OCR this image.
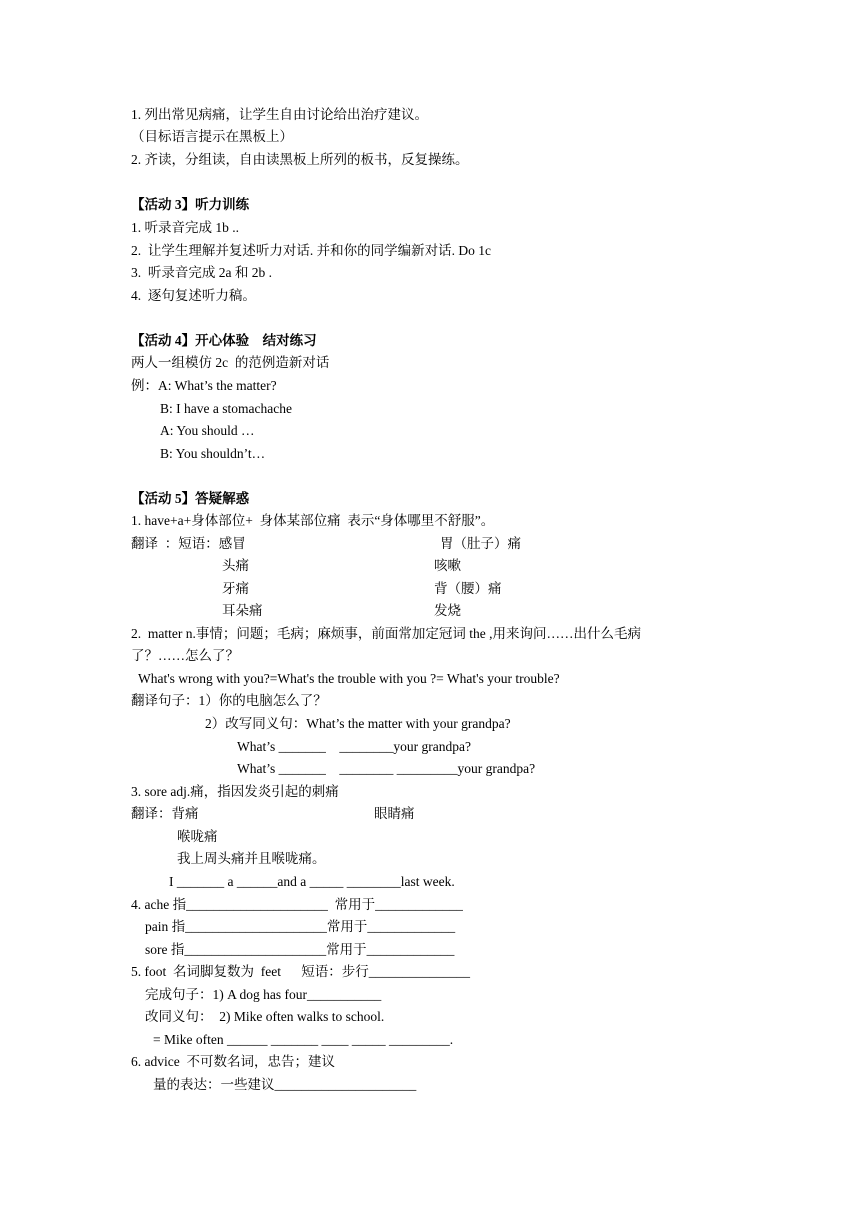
1. 列出常见病痛，让学生自由讨论给出治疗建议。
（目标语言提示在黑板上）
2. 齐读，分组读，自由读黑板上所列的板书，反复操练。
【活动 3】听力训练
1. 听录音完成 1b ..
2.  让学生理解并复述听力对话. 并和你的同学编新对话. Do 1c
3.  听录音完成 2a 和 2b .
4.  逐句复述听力稿。
【活动 4】开心体验    结对练习
两人一组模仿 2c  的范例造新对话
例：A: What’s the matter?
B: I have a stomachache
A: You should …
B: You shouldn’t…
【活动 5】答疑解惑
1. have+a+身体部位+  身体某部位痛  表示“身体哪里不舒服”。
翻译  ：短语：感冒	胃（肚子）痛
头痛	咳嗽
牙痛	背（腰）痛
耳朵痛	发烧
2.  matter n.事情；问题；毛病；麻烦事，前面常加定冠词 the ,用来询问……出什么毛病
了？……怎么了？
What's wrong with you?=What's the trouble with you ?= What's your trouble?
翻译句子：1）你的电脑怎么了？
2）改写同义句：What’s the matter with your grandpa?
What’s _______    ________your grandpa?
What’s _______    ________ _________your grandpa?
3. sore adj.痛，指因发炎引起的刺痛
翻译：背痛	眼睛痛
喉咙痛
我上周头痛并且喉咙痛。
I _______ a ______and a _____ ________last week.
4. ache 指_____________________  常用于_____________
pain 指_____________________常用于_____________
sore 指_____________________常用于_____________
5. foot  名词脚复数为  feet      短语：步行_______________
完成句子：1) A dog has four___________
改同义句：  2) Mike often walks to school.
= Mike often ______ _______ ____ _____ _________.
6. advice  不可数名词，忠告；建议
量的表达：一些建议_____________________
